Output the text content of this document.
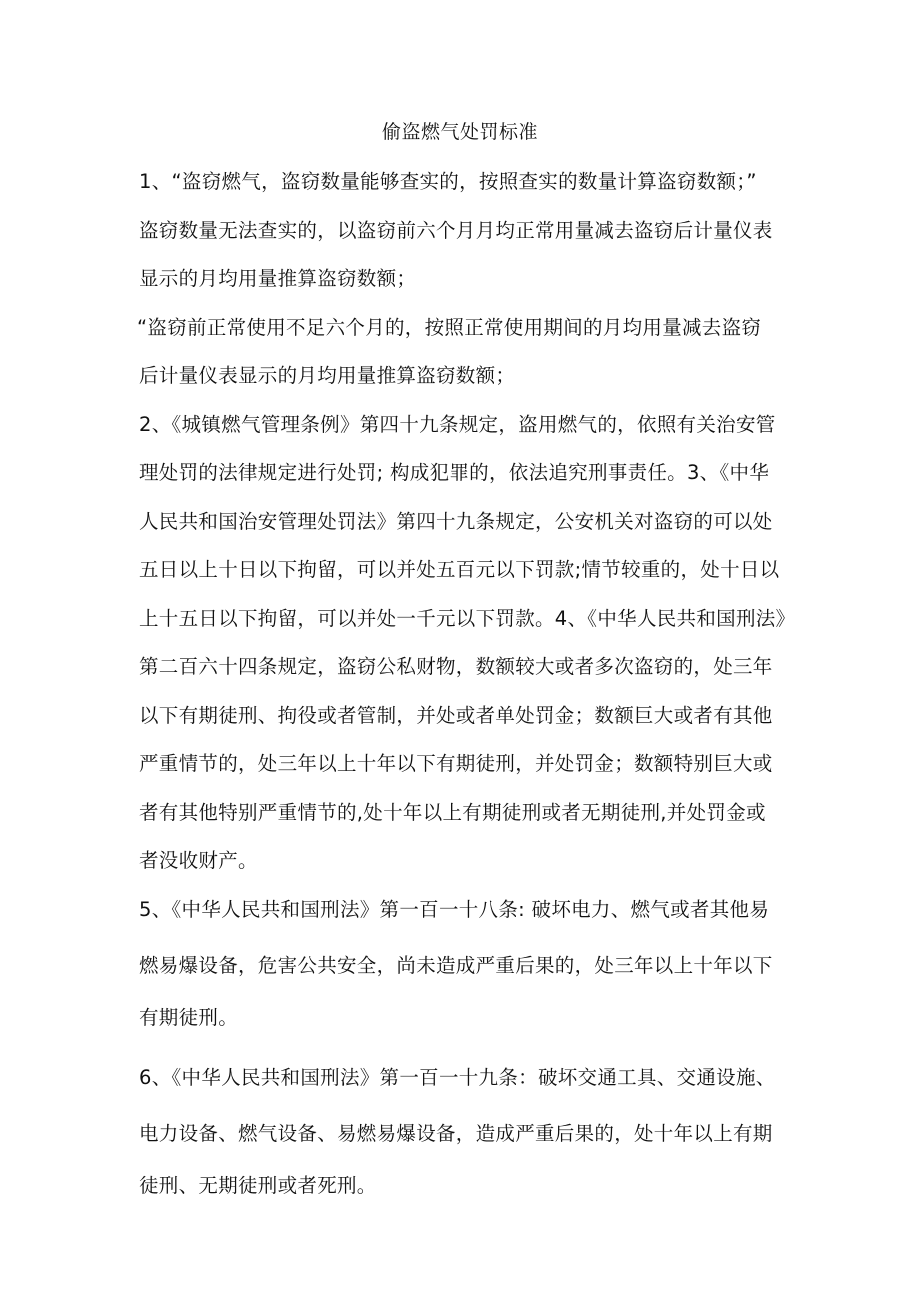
偷盗燃气处罚标准
1、“盗窃燃气，盗窃数量能够查实的，按照查实的数量计算盗窃数额；”
盗窃数量无法查实的，以盗窃前六个月月均正常用量减去盗窃后计量仪表
显示的月均用量推算盗窃数额；
“盗窃前正常使用不足六个月的，按照正常使用期间的月均用量减去盗窃
后计量仪表显示的月均用量推算盗窃数额；
2、《城镇燃气管理条例》第四十九条规定，盗用燃气的，依照有关治安管
理处罚的法律规定进行处罚; 构成犯罪的，依法追究刑事责任。3、《中华
人民共和国治安管理处罚法》第四十九条规定，公安机关对盗窃的可以处
五日以上十日以下拘留，可以并处五百元以下罚款;情节较重的，处十日以
上十五日以下拘留，可以并处一千元以下罚款。4、《中华人民共和国刑法》
第二百六十四条规定，盗窃公私财物，数额较大或者多次盗窃的，处三年
以下有期徒刑、拘役或者管制，并处或者单处罚金；数额巨大或者有其他
严重情节的，处三年以上十年以下有期徒刑，并处罚金；数额特别巨大或
者有其他特别严重情节的,处十年以上有期徒刑或者无期徒刑,并处罚金或
者没收财产。
5、《中华人民共和国刑法》第一百一十八条: 破坏电力、燃气或者其他易
燃易爆设备，危害公共安全，尚未造成严重后果的，处三年以上十年以下
有期徒刑。
6、《中华人民共和国刑法》第一百一十九条：破坏交通工具、交通设施、
电力设备、燃气设备、易燃易爆设备，造成严重后果的，处十年以上有期
徒刑、无期徒刑或者死刑。
